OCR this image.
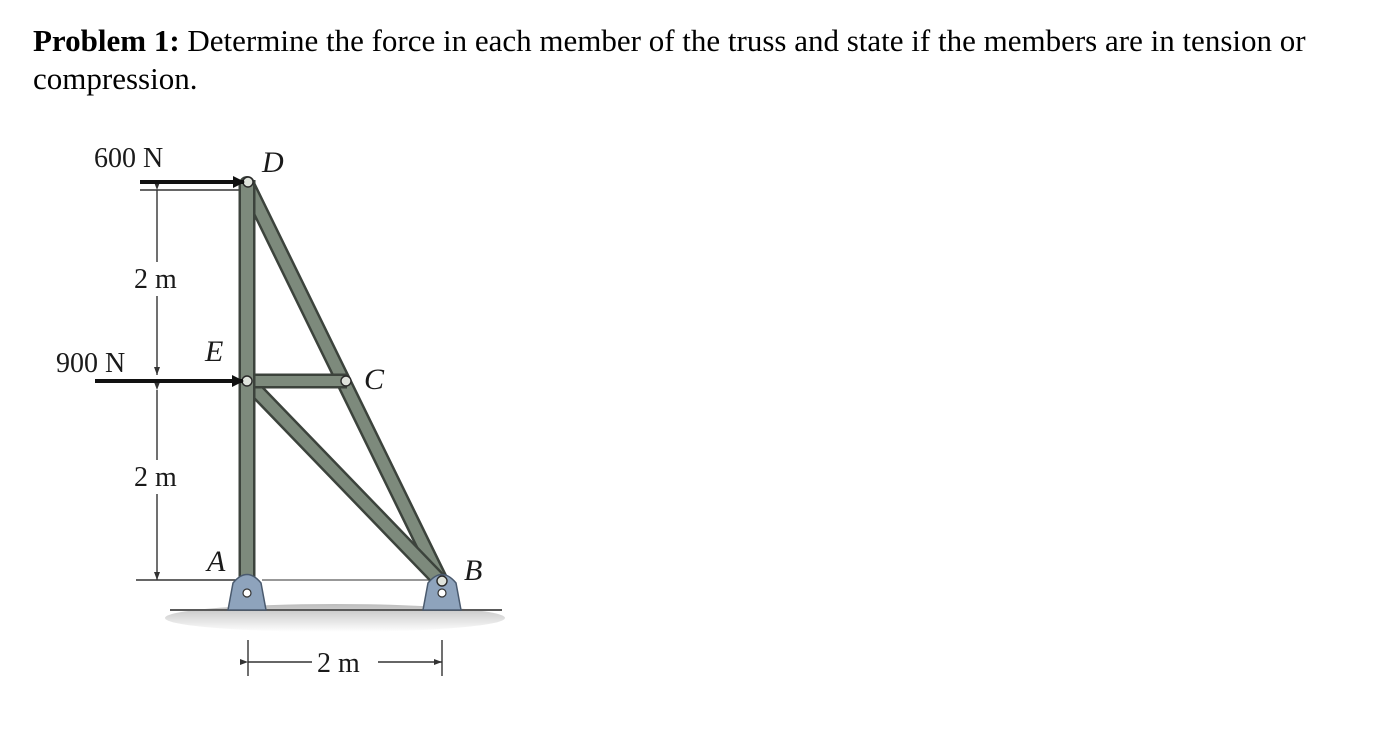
Problem 1: Determine the force in each member of the truss and state if the members are in tension or compression.

600 N
900 N
2 m
2 m
2 m
D
E
C
A	B
